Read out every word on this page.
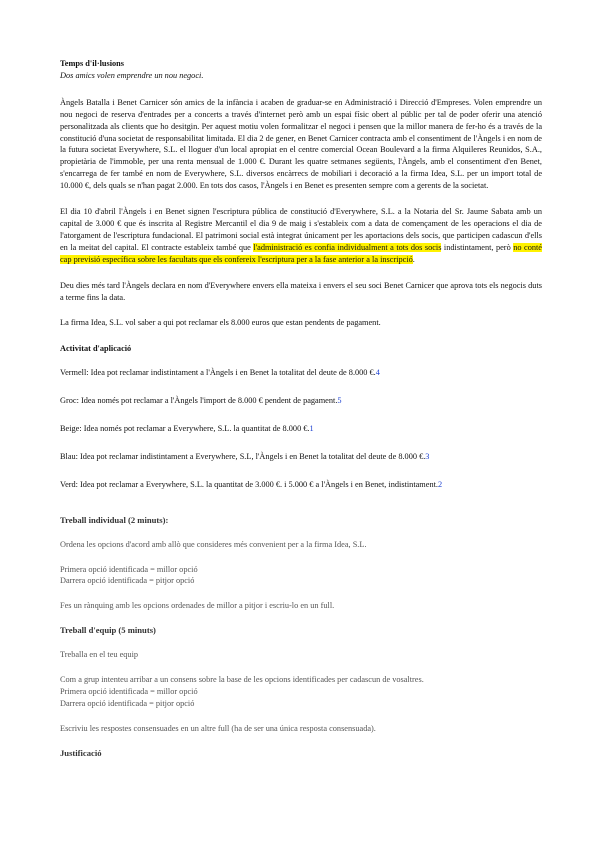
Temps d'il·lusions
Dos amics volen emprendre un nou negoci.

Àngels Batalla i Benet Carnicer són amics de la infància i acaben de graduar-se en Administració i Direcció d'Empreses. Volen emprendre un nou negoci de reserva d'entrades per a concerts a través d'internet però amb un espai físic obert al públic per tal de poder oferir una atenció personalitzada als clients que ho desitgin. Per aquest motiu volen formalitzar el negoci i pensen que la millor manera de fer-ho és a través de la constitució d'una societat de responsabilitat limitada. El dia 2 de gener, en Benet Carnicer contracta amb el consentiment de l'Àngels i en nom de la futura societat Everywhere, S.L. el lloguer d'un local apropiat en el centre comercial Ocean Boulevard a la firma Alquileres Reunidos, S.A., propietària de l'immoble, per una renta mensual de 1.000 €. Durant les quatre setmanes següents, l'Àngels, amb el consentiment d'en Benet, s'encarrega de fer també en nom de Everywhere, S.L. diversos encàrrecs de mobiliari i decoració a la firma Idea, S.L. per un import total de 10.000 €, dels quals se n'han pagat 2.000. En tots dos casos, l'Àngels i en Benet es presenten sempre com a gerents de la societat.

El dia 10 d'abril l'Àngels i en Benet signen l'escriptura pública de constitució d'Everywhere, S.L. a la Notaria del Sr. Jaume Sabata amb un capital de 3.000 € que és inscrita al Registre Mercantil el dia 9 de maig i s'estableix com a data de començament de les operacions el dia de l'atorgament de l'escriptura fundacional. El patrimoni social està integrat únicament per les aportacions dels socis, que participen cadascun d'ells en la meitat del capital. El contracte estableix també que l'administració es confia individualment a tots dos socis indistintament, però no conté cap previsió específica sobre les facultats que els confereix l'escriptura per a la fase anterior a la inscripció.

Deu dies més tard l'Àngels declara en nom d'Everywhere envers ella mateixa i envers el seu soci Benet Carnicer que aprova tots els negocis duts a terme fins la data.

La firma Idea, S.L. vol saber a qui pot reclamar els 8.000 euros que estan pendents de pagament.

Activitat d'aplicació
Vermell: Idea pot reclamar indistintament a l'Àngels i en Benet la totalitat del deute de 8.000 €.4
Groc: Idea només pot reclamar a l'Àngels l'import de 8.000 € pendent de pagament.5
Beige: Idea només pot reclamar a Everywhere, S.L. la quantitat de 8.000 €.1
Blau: Idea pot reclamar indistintament a Everywhere, S.L, l'Àngels i en Benet la totalitat del deute de 8.000 €.3
Verd: Idea pot reclamar a Everywhere, S.L. la quantitat de 3.000 €. i 5.000 € a l'Àngels i en Benet, indistintament.2
Treball individual (2 minuts):
Ordena les opcions d'acord amb allò que consideres més convenient per a la firma Idea, S.L.
Primera opció identificada = millor opció
Darrera opció identificada = pitjor opció
Fes un rànquing amb les opcions ordenades de millor a pitjor i escriu-lo en un full.
Treball d'equip (5 minuts)
Treballa en el teu equip
Com a grup intenteu arribar a un consens sobre la base de les opcions identificades per cadascun de vosaltres.
Primera opció identificada = millor opció
Darrera opció identificada = pitjor opció
Escriviu les respostes consensuades en un altre full (ha de ser una única resposta consensuada).
Justificació
